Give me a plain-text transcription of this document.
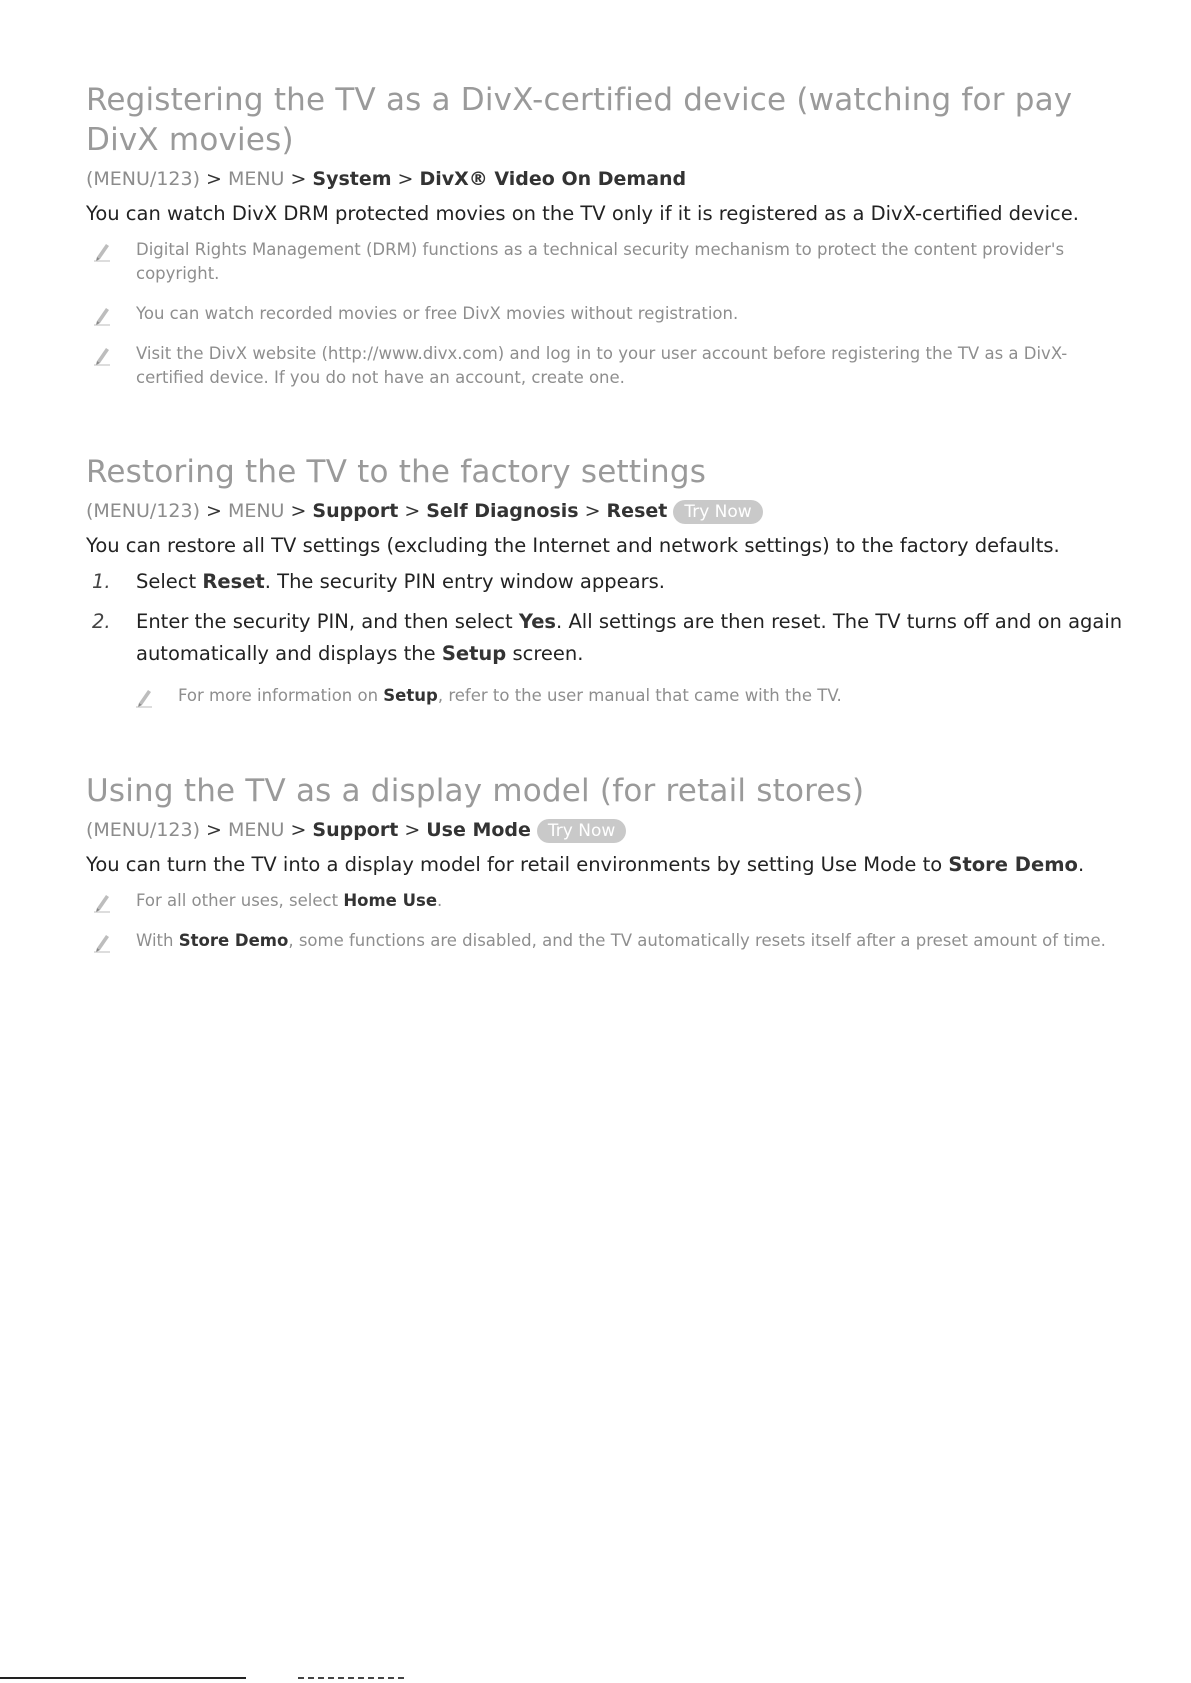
Registering the TV as a DivX-certified device (watching for pay DivX movies)
(MENU/123) > MENU > System > DivX® Video On Demand

You can watch DivX DRM protected movies on the TV only if it is registered as a DivX-certified device.

Digital Rights Management (DRM) functions as a technical security mechanism to protect the content provider's copyright.
You can watch recorded movies or free DivX movies without registration.
Visit the DivX website (http://www.divx.com) and log in to your user account before registering the TV as a DivX-certified device. If you do not have an account, create one.
Restoring the TV to the factory settings
(MENU/123) > MENU > Support > Self Diagnosis > Reset Try Now

You can restore all TV settings (excluding the Internet and network settings) to the factory defaults.

1. Select Reset. The security PIN entry window appears.
2. Enter the security PIN, and then select Yes. All settings are then reset. The TV turns off and on again automatically and displays the Setup screen.
For more information on Setup, refer to the user manual that came with the TV.
Using the TV as a display model (for retail stores)
(MENU/123) > MENU > Support > Use Mode Try Now

You can turn the TV into a display model for retail environments by setting Use Mode to Store Demo.

For all other uses, select Home Use.
With Store Demo, some functions are disabled, and the TV automatically resets itself after a preset amount of time.
